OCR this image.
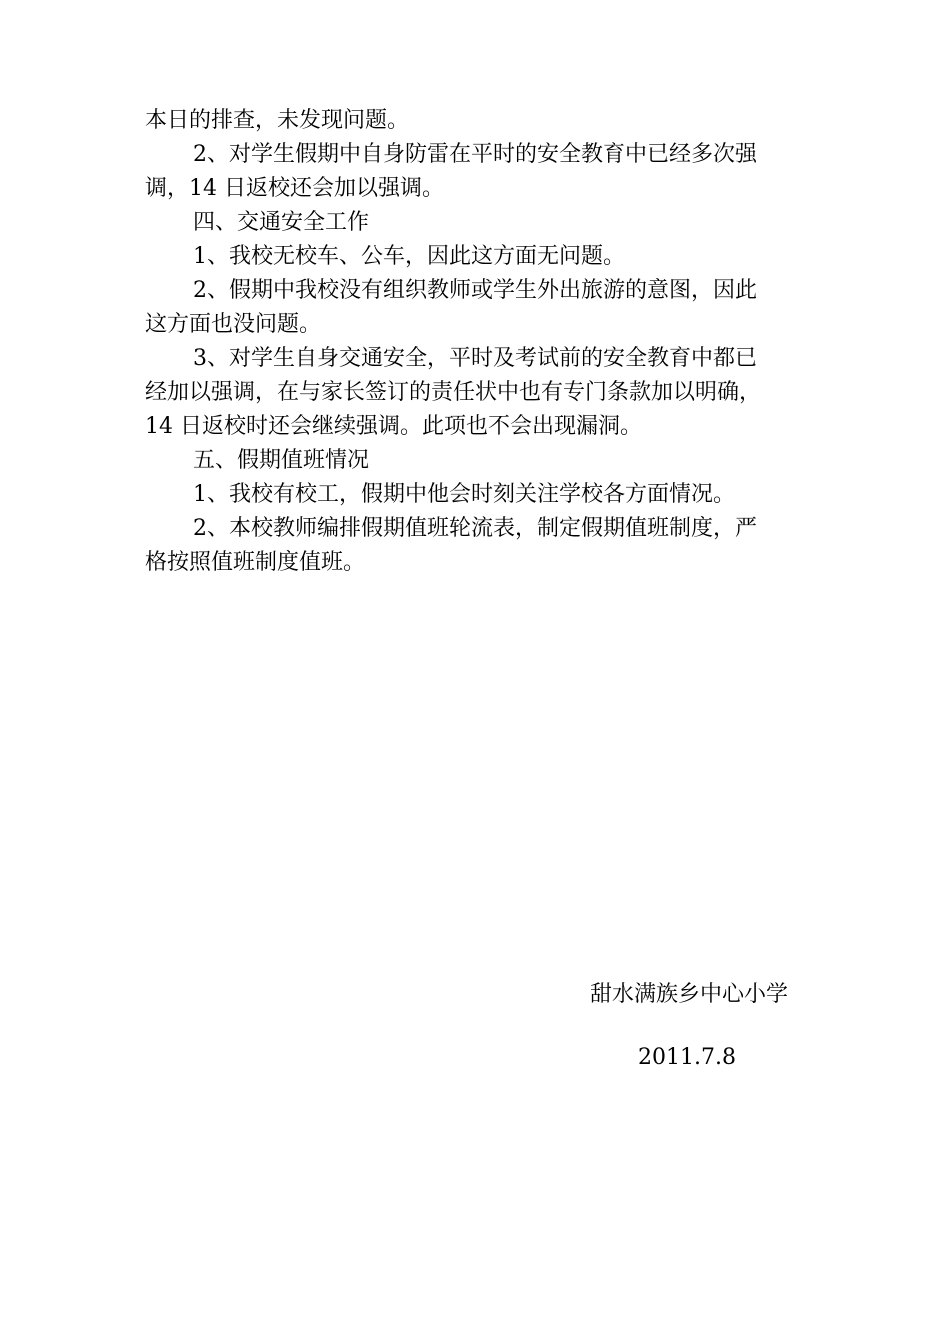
本日的排查，未发现问题。
2、对学生假期中自身防雷在平时的安全教育中已经多次强
调，14 日返校还会加以强调。
四、交通安全工作
1、我校无校车、公车，因此这方面无问题。
2、假期中我校没有组织教师或学生外出旅游的意图，因此
这方面也没问题。
3、对学生自身交通安全，平时及考试前的安全教育中都已
经加以强调，在与家长签订的责任状中也有专门条款加以明确，
14 日返校时还会继续强调。此项也不会出现漏洞。
五、假期值班情况
1、我校有校工，假期中他会时刻关注学校各方面情况。
2、本校教师编排假期值班轮流表，制定假期值班制度，严
格按照值班制度值班。
甜水满族乡中心小学
2011.7.8
